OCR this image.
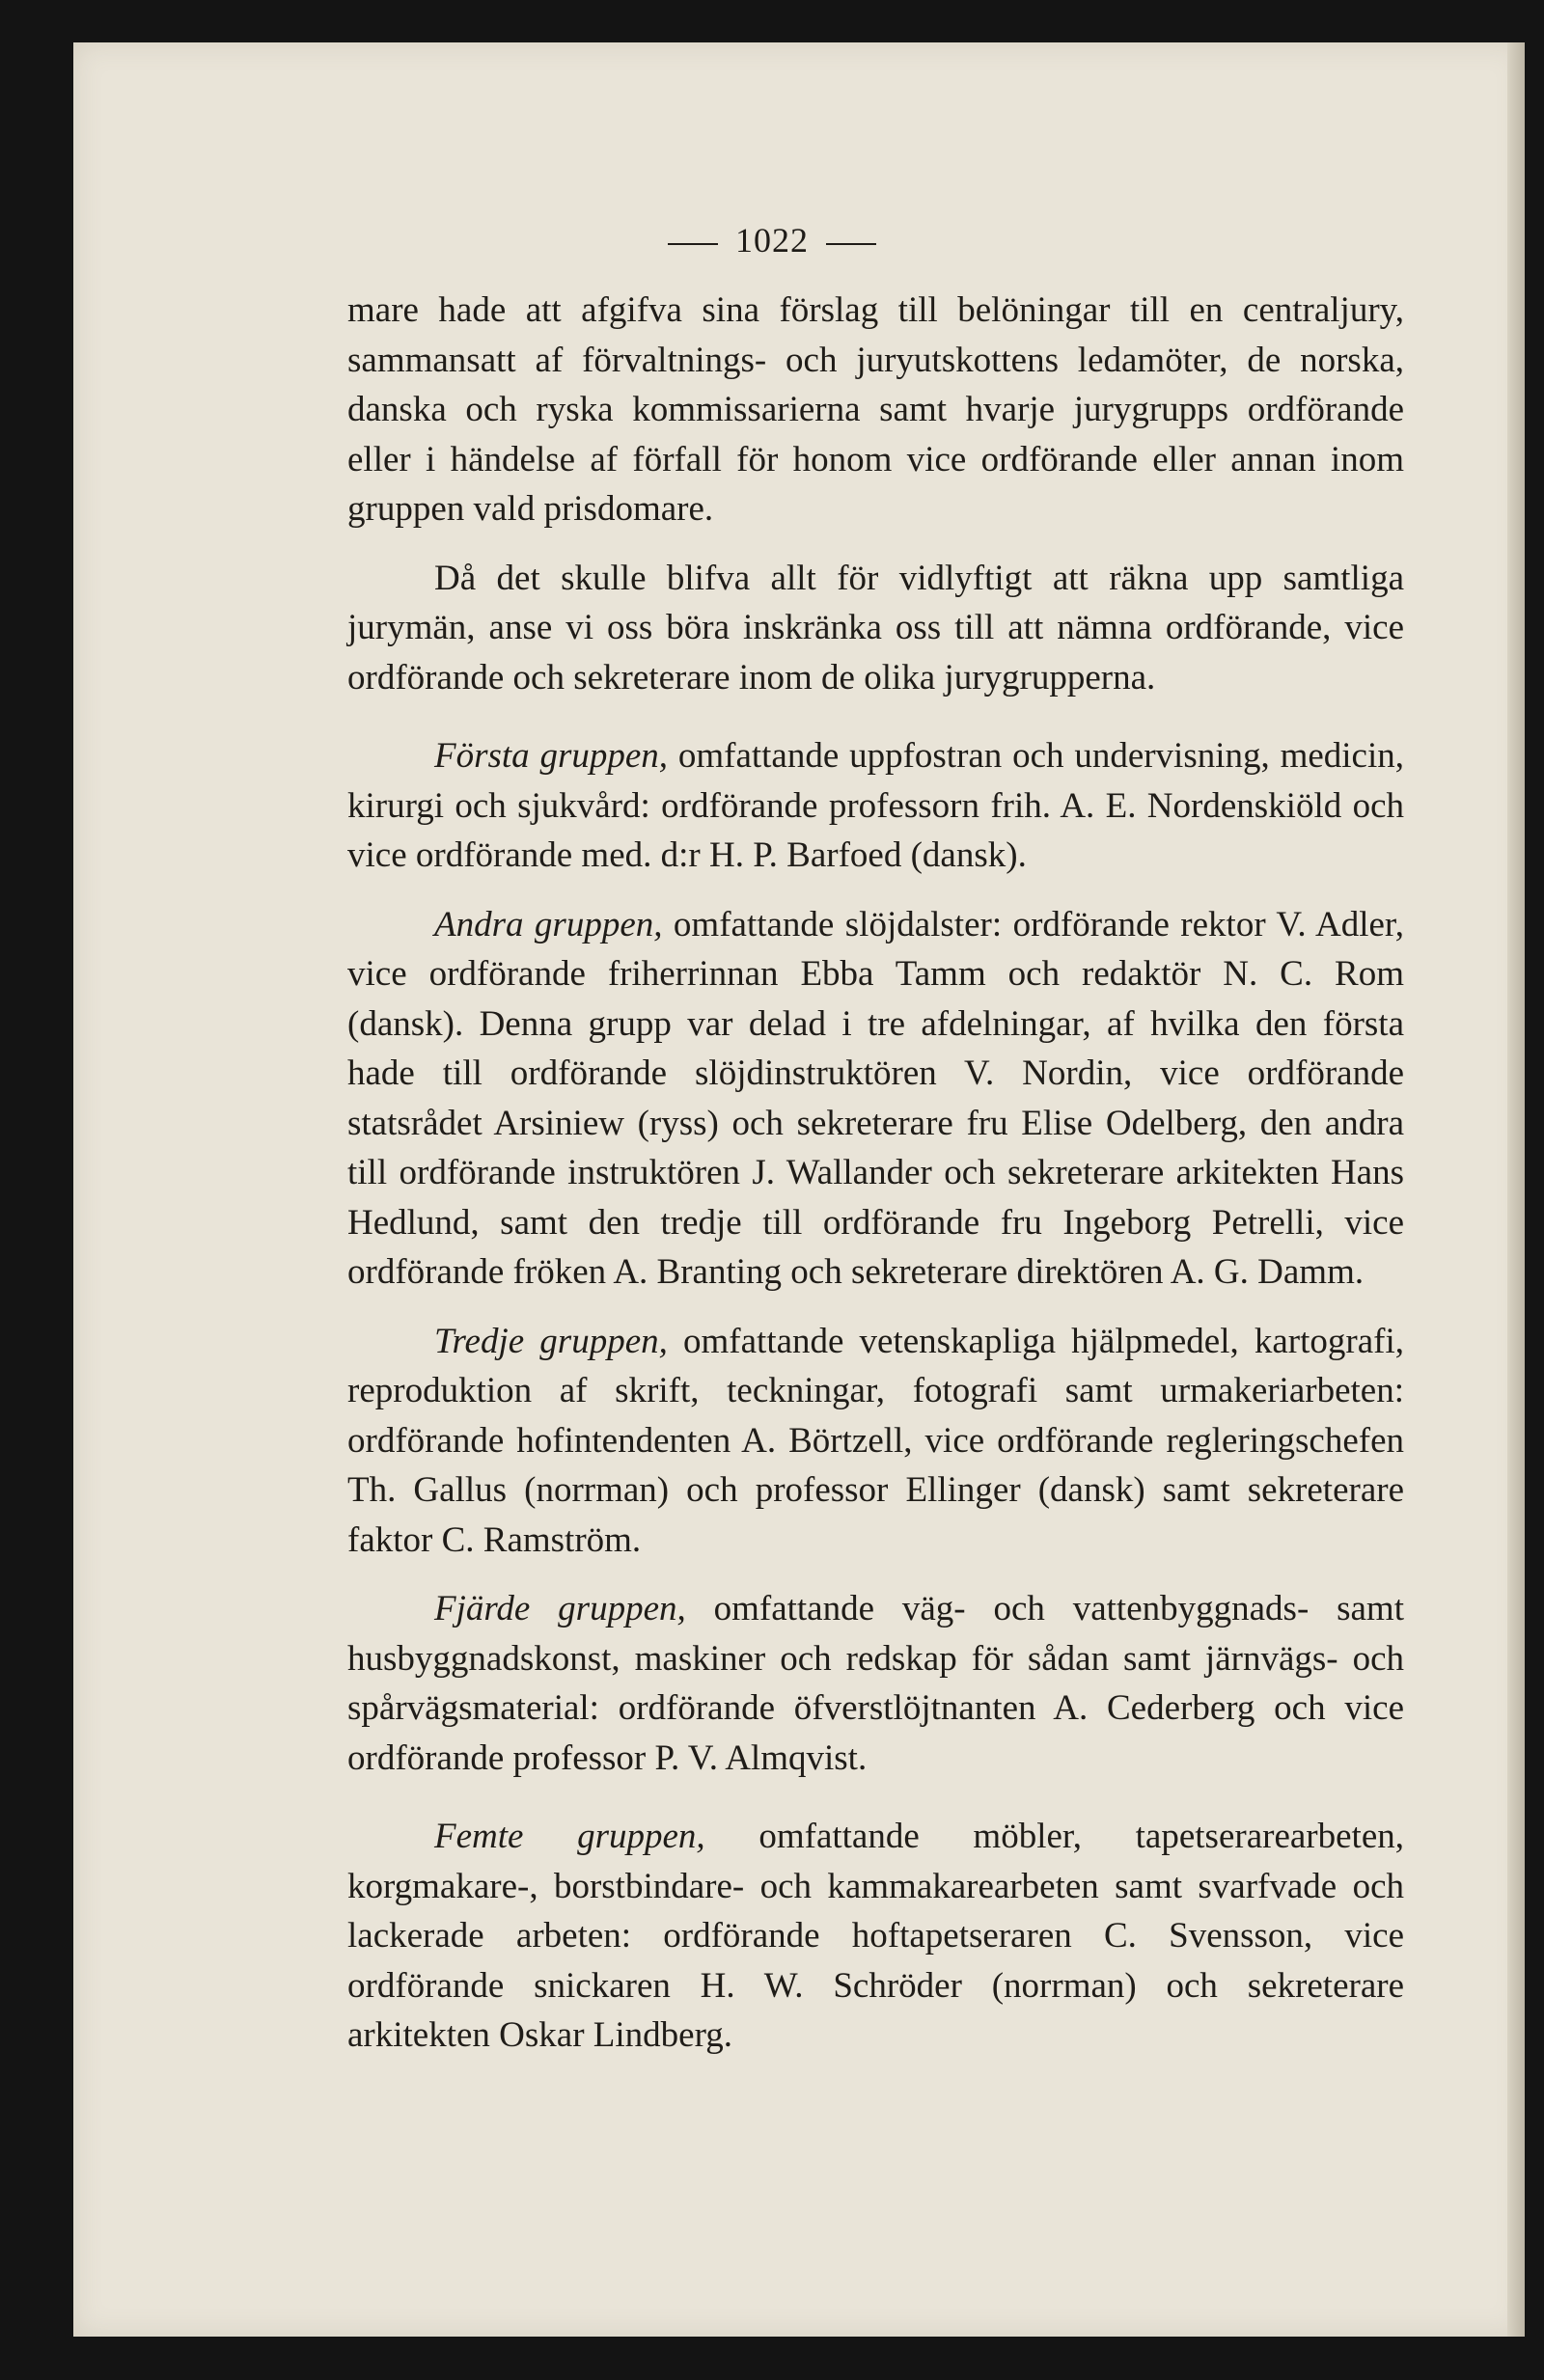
1022

mare hade att afgifva sina förslag till belöningar till en centraljury, sammansatt af förvaltnings- och juryutskottens ledamöter, de norska, danska och ryska kommissarierna samt hvarje jurygrupps ordförande eller i händelse af förfall för honom vice ordförande eller annan inom gruppen vald prisdomare.

Då det skulle blifva allt för vidlyftigt att räkna upp samtliga jurymän, anse vi oss böra inskränka oss till att nämna ordförande, vice ordförande och sekreterare inom de olika jurygrupperna.

Första gruppen, omfattande uppfostran och undervisning, medicin, kirurgi och sjukvård: ordförande professorn frih. A. E. Nordenskiöld och vice ordförande med. d:r H. P. Barfoed (dansk).

Andra gruppen, omfattande slöjdalster: ordförande rektor V. Adler, vice ordförande friherrinnan Ebba Tamm och redaktör N. C. Rom (dansk). Denna grupp var delad i tre afdelningar, af hvilka den första hade till ordförande slöjdinstruktören V. Nordin, vice ordförande statsrådet Arsiniew (ryss) och sekreterare fru Elise Odelberg, den andra till ordförande instruktören J. Wallander och sekreterare arkitekten Hans Hedlund, samt den tredje till ordförande fru Ingeborg Petrelli, vice ordförande fröken A. Branting och sekreterare direktören A. G. Damm.

Tredje gruppen, omfattande vetenskapliga hjälpmedel, kartografi, reproduktion af skrift, teckningar, fotografi samt urmakeriarbeten: ordförande hofintendenten A. Börtzell, vice ordförande regleringschefen Th. Gallus (norrman) och professor Ellinger (dansk) samt sekreterare faktor C. Ramström.

Fjärde gruppen, omfattande väg- och vattenbyggnads- samt husbyggnadskonst, maskiner och redskap för sådan samt järnvägs- och spårvägsmaterial: ordförande öfverstlöjtnanten A. Cederberg och vice ordförande professor P. V. Almqvist.

Femte gruppen, omfattande möbler, tapetserarearbeten, korgmakare-, borstbindare- och kammakarearbeten samt svarfvade och lackerade arbeten: ordförande hoftapetseraren C. Svensson, vice ordförande snickaren H. W. Schröder (norrman) och sekreterare arkitekten Oskar Lindberg.
